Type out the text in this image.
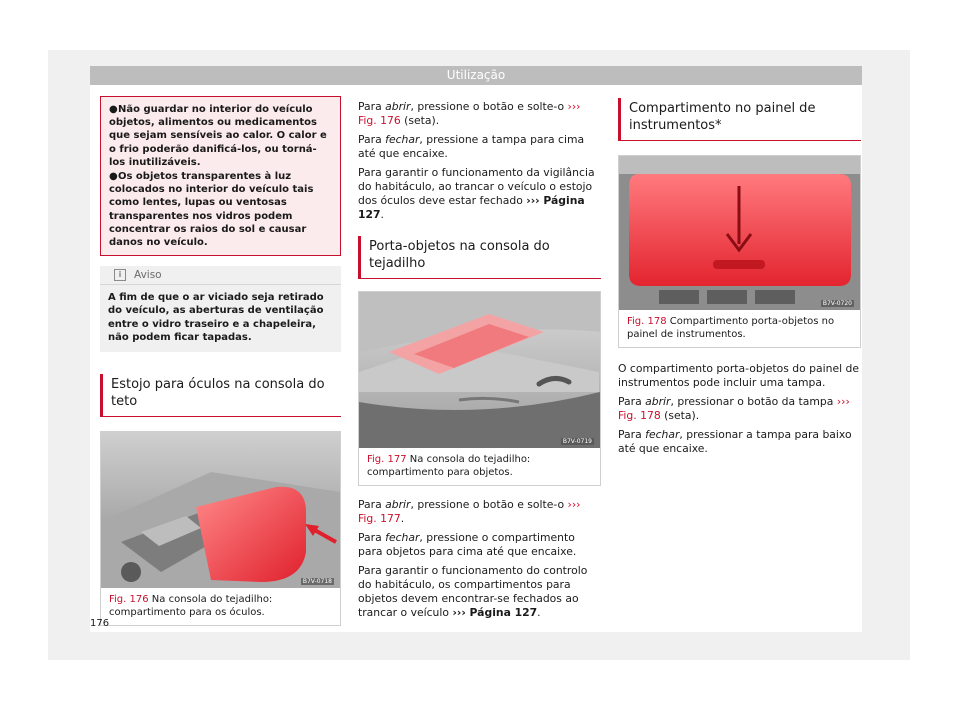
Utilização

●Não guardar no interior do veículo objetos, alimentos ou medicamentos que sejam sensíveis ao calor. O calor e o frio poderão danificá-los, ou torná-los inutilizáveis.

●Os objetos transparentes à luz colocados no interior do veículo tais como lentes, lupas ou ventosas transparentes nos vidros podem concentrar os raios do sol e causar danos no veículo.

i	Aviso
A fim de que o ar viciado seja retirado do veículo, as aberturas de ventilação entre o vidro traseiro e a chapeleira, não podem ficar tapadas.
Estojo para óculos na consola do teto
B7V-0718
Fig. 176 Na consola do tejadilho: compartimento para os óculos.

Para abrir, pressione o botão e solte-o ››› Fig. 176 (seta).

Para fechar, pressione a tampa para cima até que encaixe.

Para garantir o funcionamento da vigilância do habitáculo, ao trancar o veículo o estojo dos óculos deve estar fechado ››› Página 127.

Porta-objetos na consola do tejadilho
B7V-0719
Fig. 177 Na consola do tejadilho: compartimento para objetos.

Para abrir, pressione o botão e solte-o ››› Fig. 177.

Para fechar, pressione o compartimento para objetos para cima até que encaixe.

Para garantir o funcionamento do controlo do habitáculo, os compartimentos para objetos devem encontrar-se fechados ao trancar o veículo ››› Página 127.

Compartimento no painel de instrumentos*
B7V-0720
Fig. 178 Compartimento porta-objetos no painel de instrumentos.

O compartimento porta-objetos do painel de instrumentos pode incluir uma tampa.

Para abrir, pressionar o botão da tampa ››› Fig. 178 (seta).

Para fechar, pressionar a tampa para baixo até que encaixe.

176
